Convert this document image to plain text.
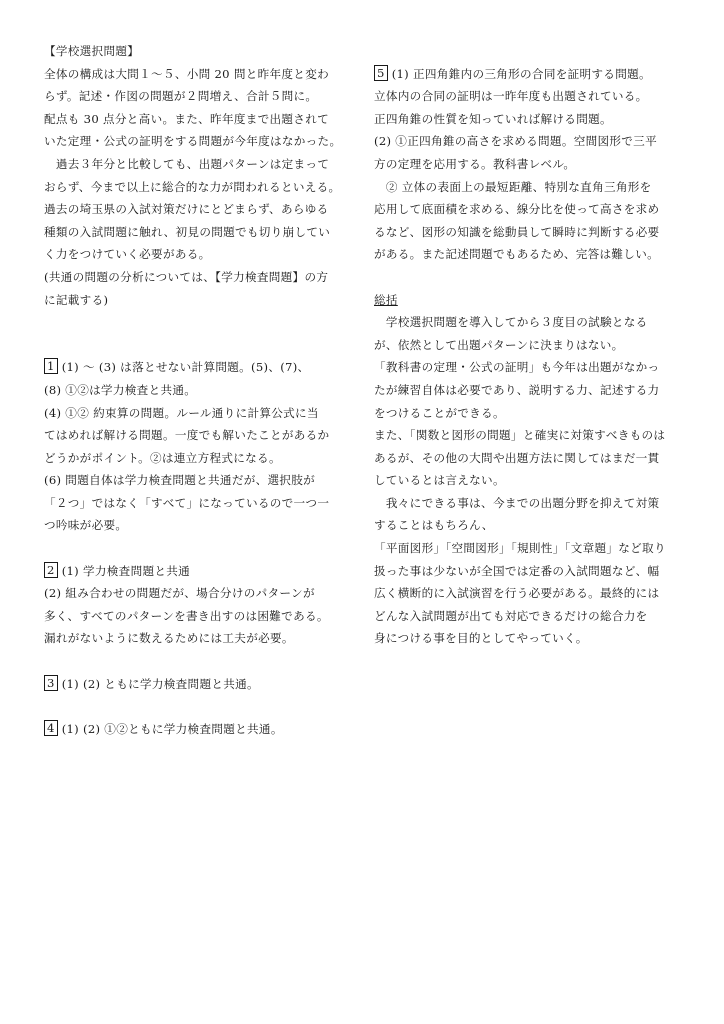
【学校選択問題】
全体の構成は大問１～５、小問 20 問と昨年度と変わ
らず。記述・作図の問題が２問増え、合計５問に。
配点も 30 点分と高い。また、昨年度まで出題されて
いた定理・公式の証明をする問題が今年度はなかった。
　過去３年分と比較しても、出題パターンは定まって
おらず、今まで以上に総合的な力が問われるといえる。
過去の埼玉県の入試対策だけにとどまらず、あらゆる
種類の入試問題に触れ、初見の問題でも切り崩してい
く力をつけていく必要がある。
(共通の問題の分析については、【学力検査問題】の方
に記載する)
1 (1) ～ (3) は落とせない計算問題。(5)、(7)、
(8) ①②は学力検査と共通。
(4) ①② 約束算の問題。ルール通りに計算公式に当
てはめれば解ける問題。一度でも解いたことがあるか
どうかがポイント。②は連立方程式になる。
(6) 問題自体は学力検査問題と共通だが、選択肢が
「２つ」ではなく「すべて」になっているので一つ一
つ吟味が必要。
2 (1) 学力検査問題と共通
(2) 組み合わせの問題だが、場合分けのパターンが
多く、すべてのパターンを書き出すのは困難である。
漏れがないように数えるためには工夫が必要。
3 (1) (2) ともに学力検査問題と共通。
4 (1) (2) ①②ともに学力検査問題と共通。
5 (1) 正四角錐内の三角形の合同を証明する問題。
立体内の合同の証明は一昨年度も出題されている。
正四角錐の性質を知っていれば解ける問題。
(2) ①正四角錐の高さを求める問題。空間図形で三平
方の定理を応用する。教科書レベル。
　② 立体の表面上の最短距離、特別な直角三角形を
応用して底面積を求める、線分比を使って高さを求め
るなど、図形の知識を総動員して瞬時に判断する必要
がある。また記述問題でもあるため、完答は難しい。
総括
　学校選択問題を導入してから３度目の試験となる
が、依然として出題パターンに決まりはない。
「教科書の定理・公式の証明」も今年は出題がなかっ
たが練習自体は必要であり、説明する力、記述する力
をつけることができる。
また、「関数と図形の問題」と確実に対策すべきものは
あるが、その他の大問や出題方法に関してはまだ一貫
しているとは言えない。
　我々にできる事は、今までの出題分野を抑えて対策
することはもちろん、
「平面図形」「空間図形」「規則性」「文章題」など取り
扱った事は少ないが全国では定番の入試問題など、幅
広く横断的に入試演習を行う必要がある。最終的には
どんな入試問題が出ても対応できるだけの総合力を
身につける事を目的としてやっていく。
